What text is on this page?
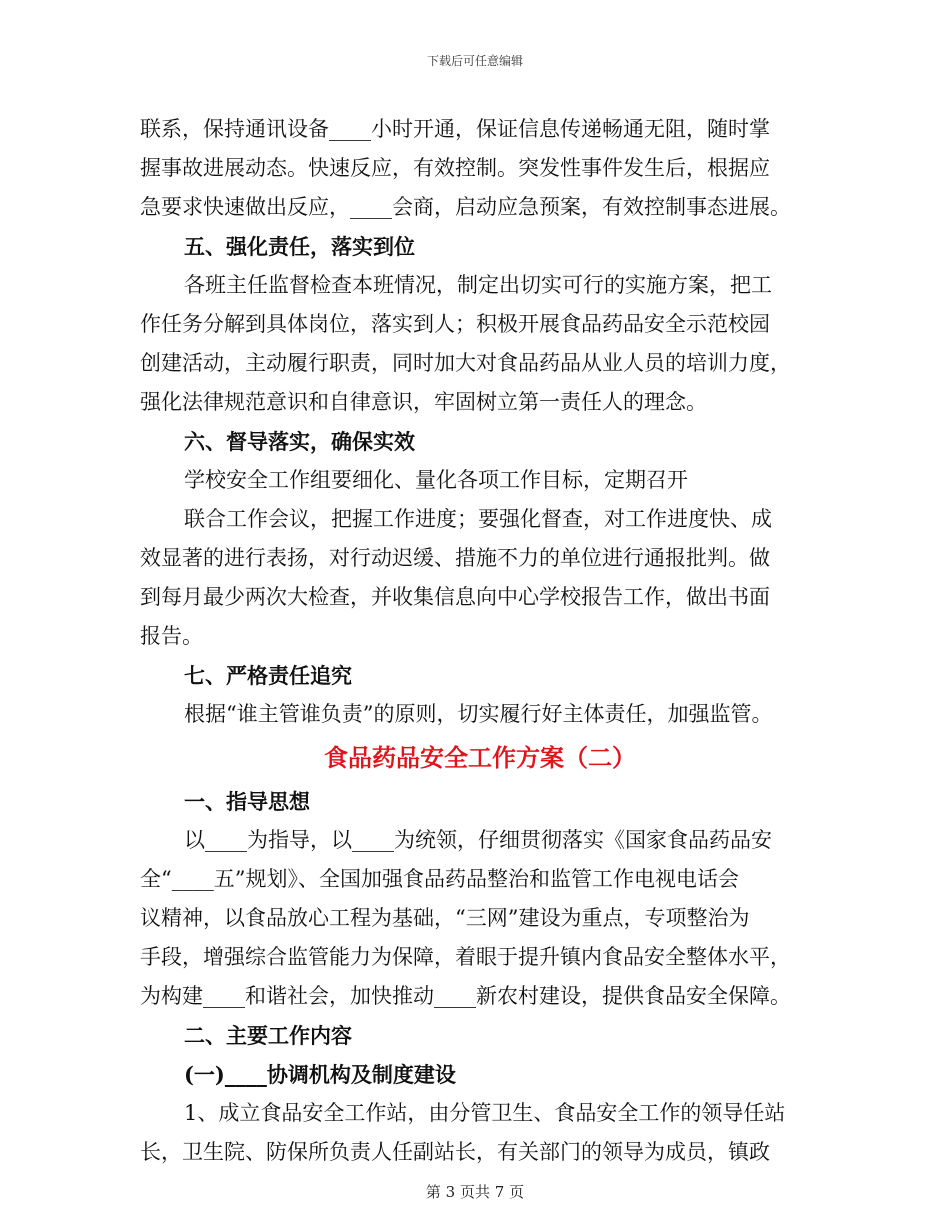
下载后可任意编辑
联系，保持通讯设备____小时开通，保证信息传递畅通无阻，随时掌
握事故进展动态。快速反应，有效控制。突发性事件发生后，根据应
急要求快速做出反应，____会商，启动应急预案，有效控制事态进展。
五、强化责任，落实到位
各班主任监督检查本班情况，制定出切实可行的实施方案，把工
作任务分解到具体岗位，落实到人；积极开展食品药品安全示范校园
创建活动，主动履行职责，同时加大对食品药品从业人员的培训力度，
强化法律规范意识和自律意识，牢固树立第一责任人的理念。
六、督导落实，确保实效
学校安全工作组要细化、量化各项工作目标，定期召开
联合工作会议，把握工作进度；要强化督查，对工作进度快、成
效显著的进行表扬，对行动迟缓、措施不力的单位进行通报批判。做
到每月最少两次大检查，并收集信息向中心学校报告工作，做出书面
报告。
七、严格责任追究
根据“谁主管谁负责”的原则，切实履行好主体责任，加强监管。
食品药品安全工作方案（二）
一、指导思想
以____为指导，以____为统领，仔细贯彻落实《国家食品药品安
全“____五”规划》、全国加强食品药品整治和监管工作电视电话会
议精神，以食品放心工程为基础，“三网”建设为重点，专项整治为
手段，增强综合监管能力为保障，着眼于提升镇内食品安全整体水平，
为构建____和谐社会，加快推动____新农村建设，提供食品安全保障。
二、主要工作内容
(一)____协调机构及制度建设
1、成立食品安全工作站，由分管卫生、食品安全工作的领导任站
长，卫生院、防保所负责人任副站长，有关部门的领导为成员，镇政
第 3 页共 7 页
